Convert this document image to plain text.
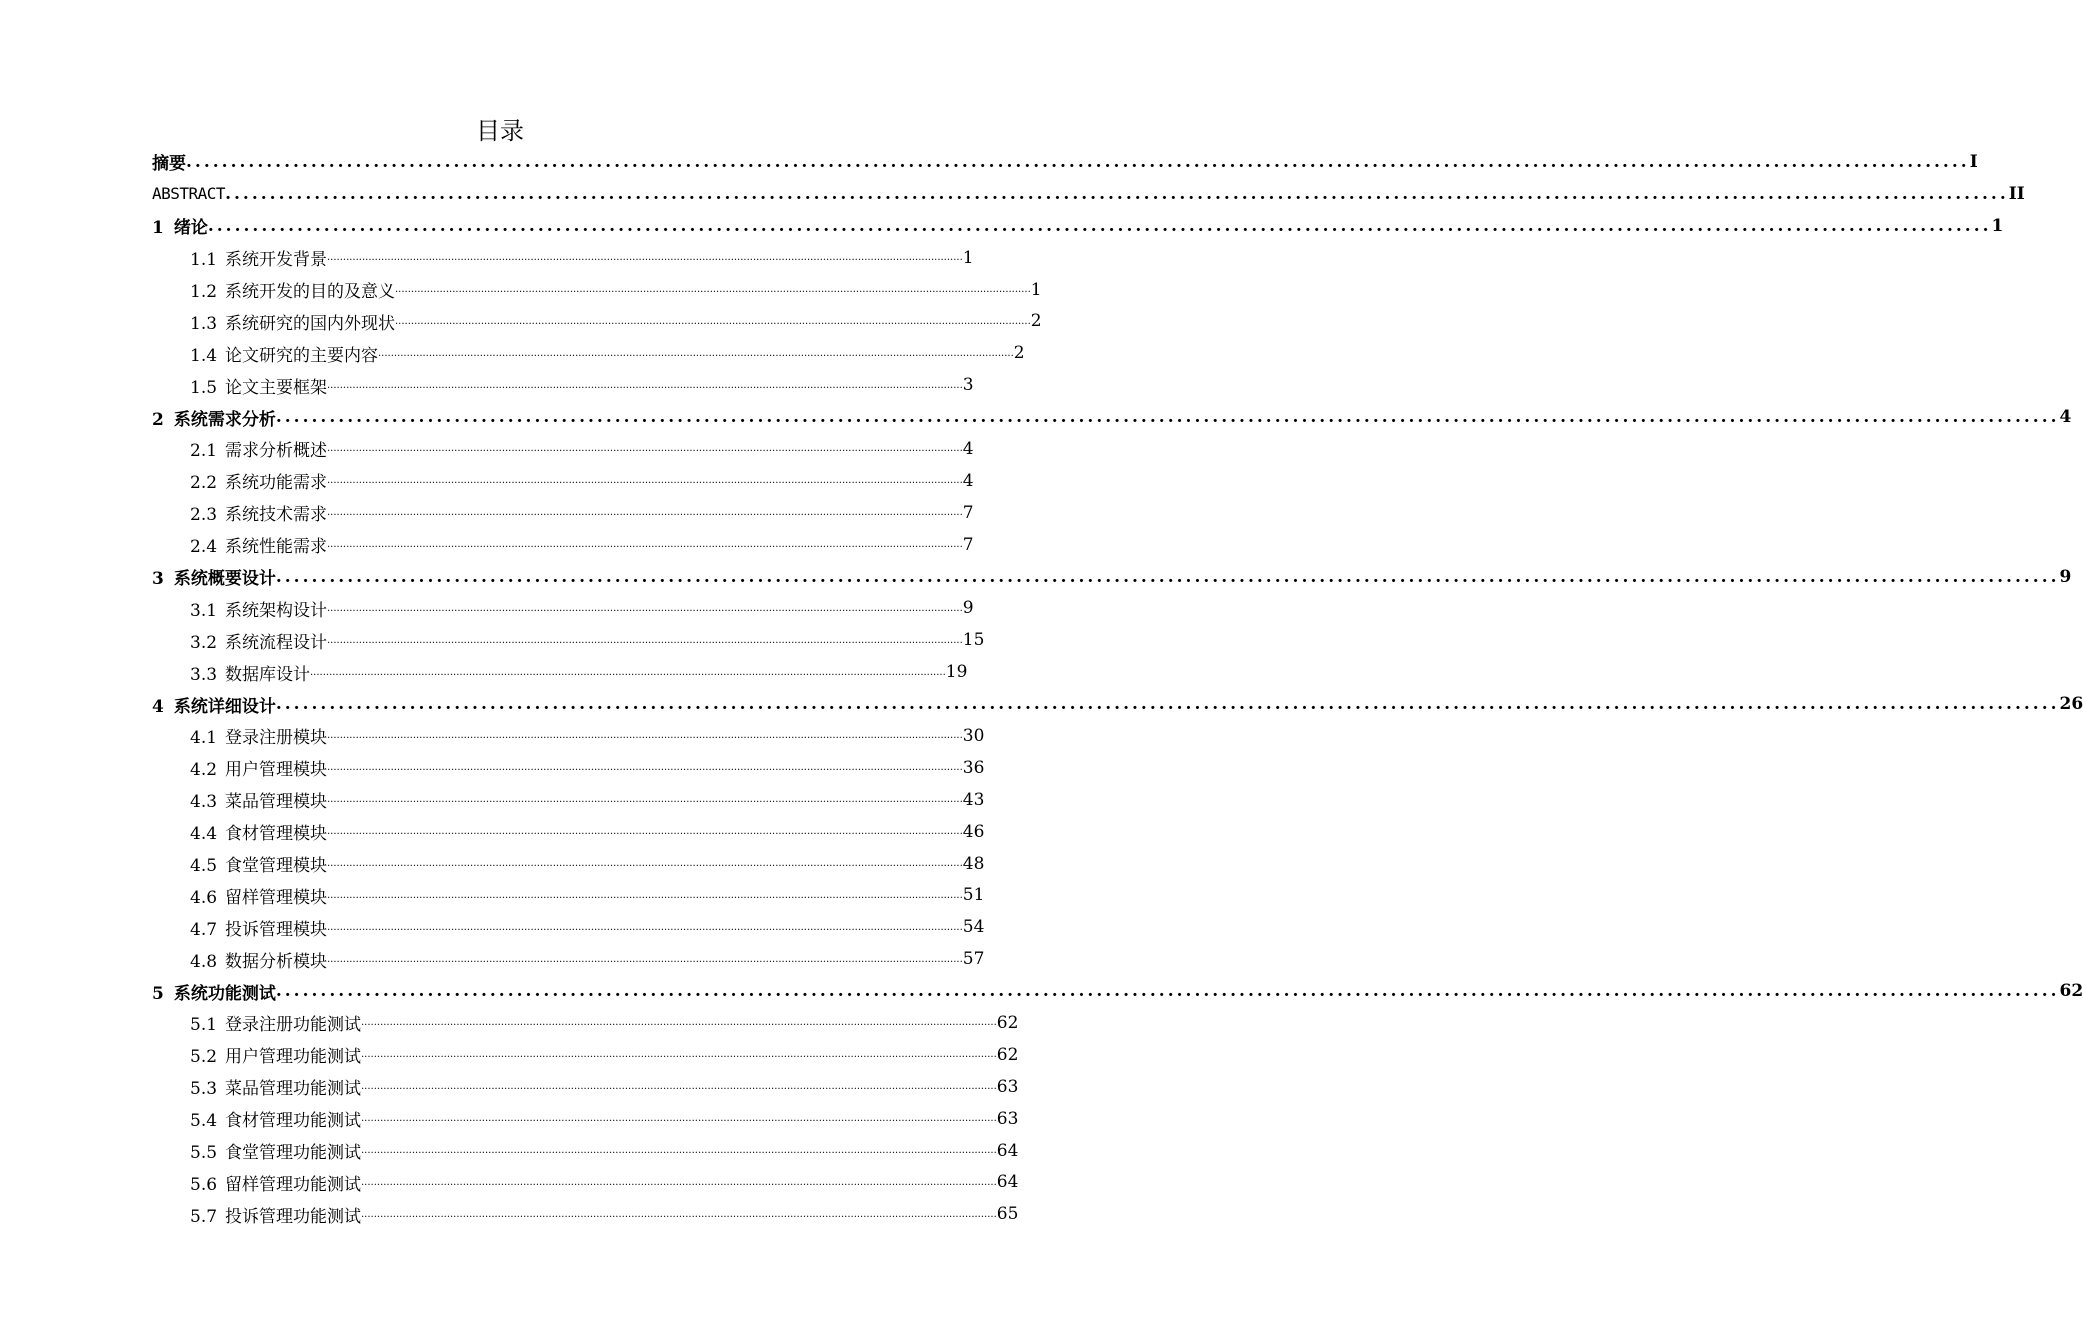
目录
摘要 ........................................................................................................................................................................................................ I
ABSTRACT ........................................................................................................................................................................................................ II
1 绪论 ........................................................................................................................................................................................................ 1
1.1 系统开发背景 ........................................................................................................................................................................................................ 1
1.2 系统开发的目的及意义 ........................................................................................................................................................................................................ 1
1.3 系统研究的国内外现状 ........................................................................................................................................................................................................ 2
1.4 论文研究的主要内容 ........................................................................................................................................................................................................ 2
1.5 论文主要框架 ........................................................................................................................................................................................................ 3
2 系统需求分析 ........................................................................................................................................................................................................ 4
2.1 需求分析概述 ........................................................................................................................................................................................................ 4
2.2 系统功能需求 ........................................................................................................................................................................................................ 4
2.3 系统技术需求 ........................................................................................................................................................................................................ 7
2.4 系统性能需求 ........................................................................................................................................................................................................ 7
3 系统概要设计 ........................................................................................................................................................................................................ 9
3.1 系统架构设计 ........................................................................................................................................................................................................ 9
3.2 系统流程设计 ........................................................................................................................................................................................................ 15
3.3 数据库设计 ........................................................................................................................................................................................................ 19
4 系统详细设计 ........................................................................................................................................................................................................ 26
4.1 登录注册模块 ........................................................................................................................................................................................................ 30
4.2 用户管理模块 ........................................................................................................................................................................................................ 36
4.3 菜品管理模块 ........................................................................................................................................................................................................ 43
4.4 食材管理模块 ........................................................................................................................................................................................................ 46
4.5 食堂管理模块 ........................................................................................................................................................................................................ 48
4.6 留样管理模块 ........................................................................................................................................................................................................ 51
4.7 投诉管理模块 ........................................................................................................................................................................................................ 54
4.8 数据分析模块 ........................................................................................................................................................................................................ 57
5 系统功能测试 ........................................................................................................................................................................................................ 62
5.1 登录注册功能测试 ........................................................................................................................................................................................................ 62
5.2 用户管理功能测试 ........................................................................................................................................................................................................ 62
5.3 菜品管理功能测试 ........................................................................................................................................................................................................ 63
5.4 食材管理功能测试 ........................................................................................................................................................................................................ 63
5.5 食堂管理功能测试 ........................................................................................................................................................................................................ 64
5.6 留样管理功能测试 ........................................................................................................................................................................................................ 64
5.7 投诉管理功能测试 ........................................................................................................................................................................................................ 65
